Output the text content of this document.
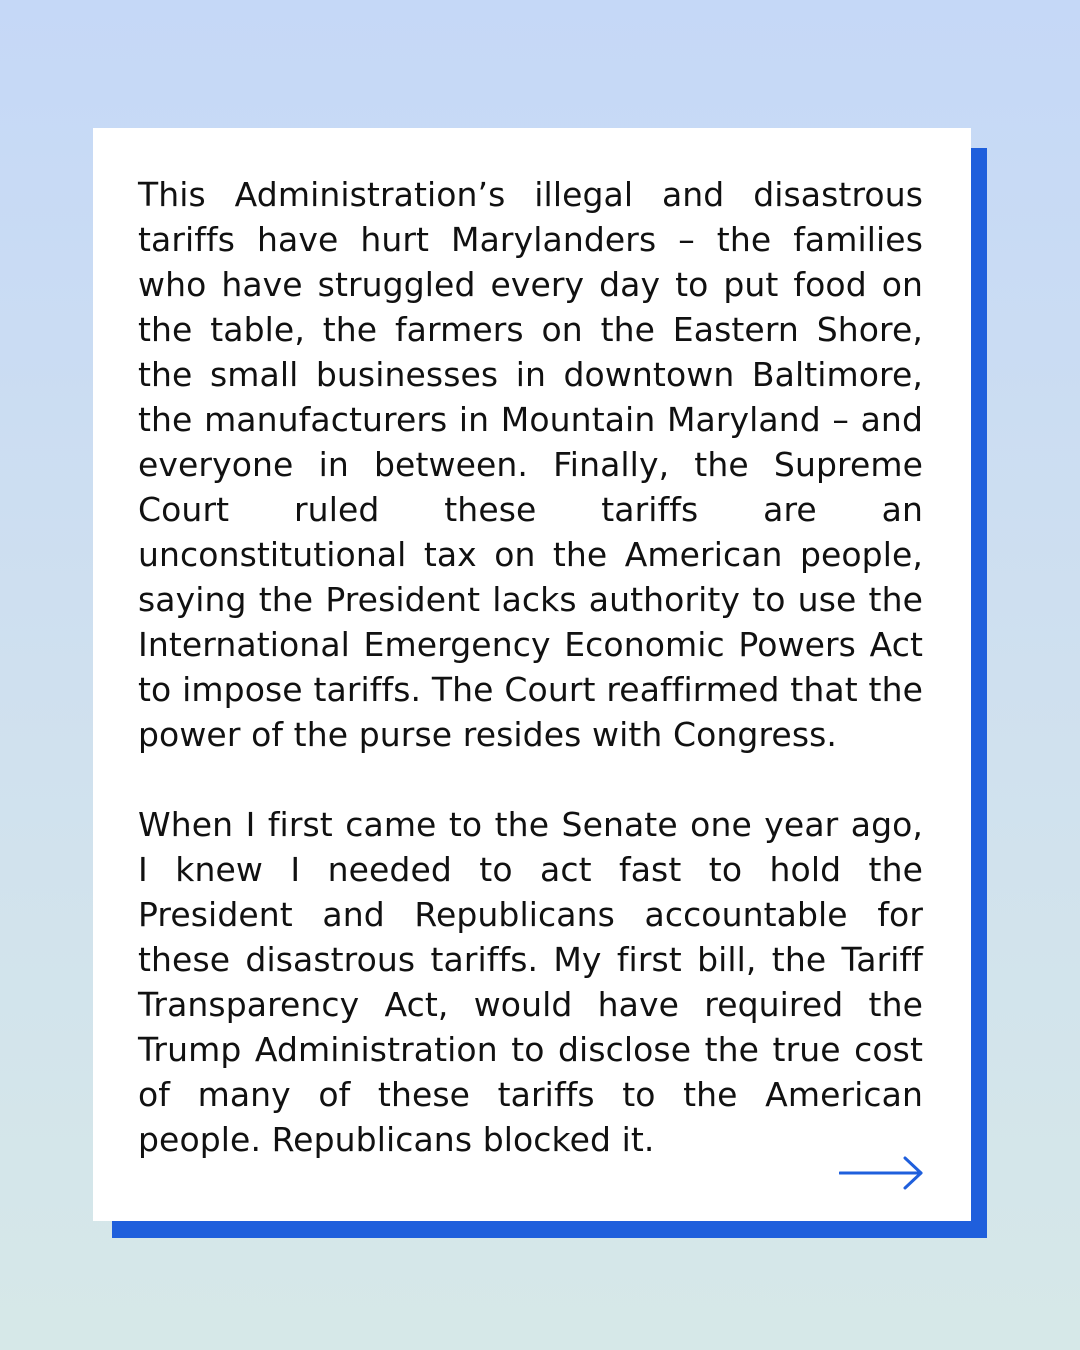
This Administration’s illegal and disastrous tariffs have hurt Marylanders – the families who have struggled every day to put food on the table, the farmers on the Eastern Shore, the small businesses in downtown Baltimore, the manufacturers in Mountain Maryland – and everyone in between. Finally, the Supreme Court ruled these tariffs are an unconstitutional tax on the American people, saying the President lacks authority to use the International Emergency Economic Powers Act to impose tariffs. The Court reaffirmed that the power of the purse resides with Congress.

When I first came to the Senate one year ago, I knew I needed to act fast to hold the President and Republicans accountable for these disastrous tariffs. My first bill, the Tariff Transparency Act, would have required the Trump Administration to disclose the true cost of many of these tariffs to the American people. Republicans blocked it.
